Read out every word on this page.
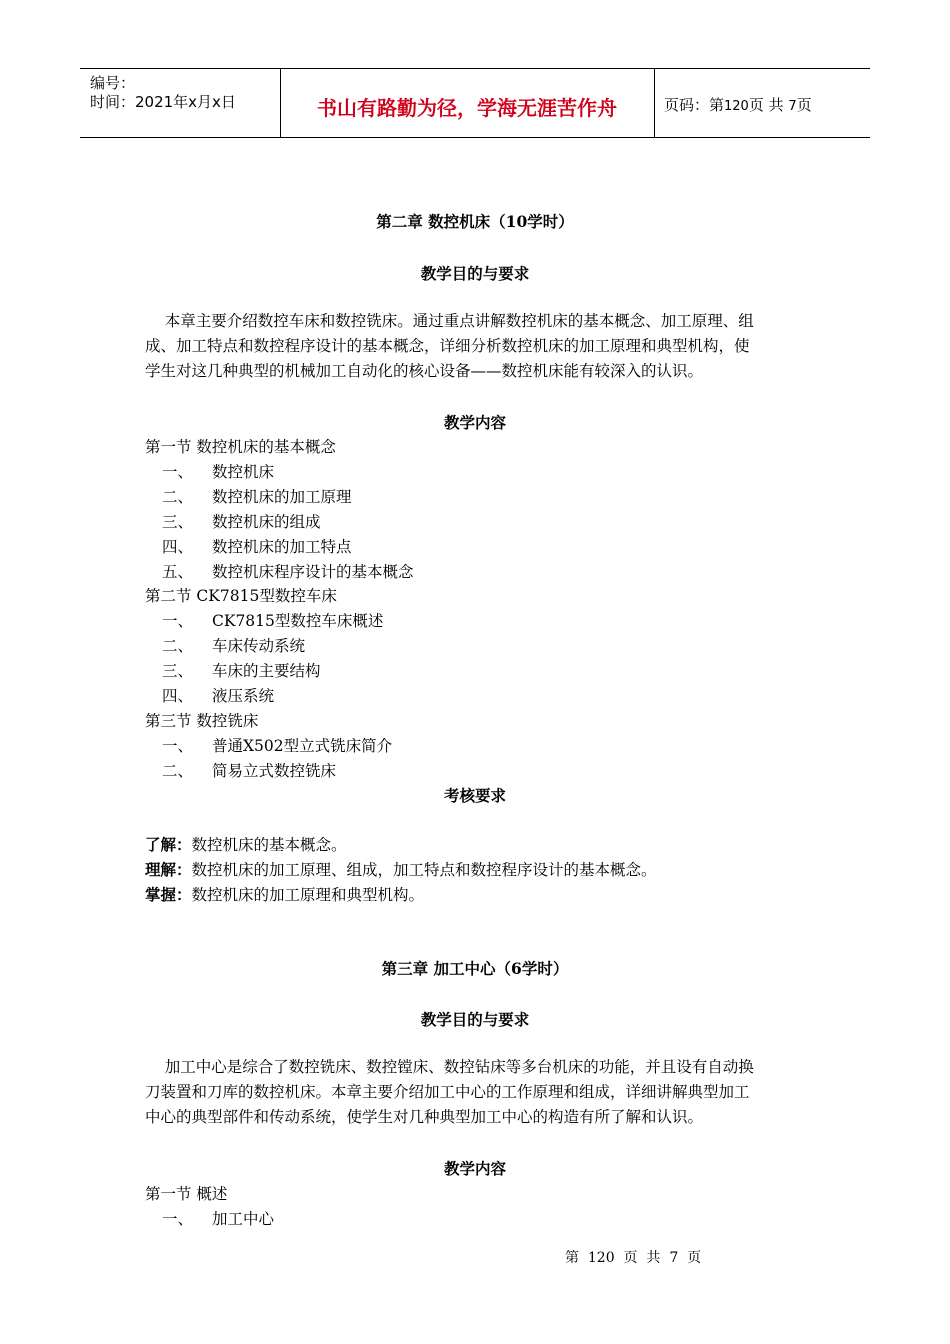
编号：
时间：2021年x月x日	书山有路勤为径，学海无涯苦作舟	页码：第120页 共 7页
第二章 数控机床（10学时）
教学目的与要求
本章主要介绍数控车床和数控铣床。通过重点讲解数控机床的基本概念、加工原理、组
成、加工特点和数控程序设计的基本概念，详细分析数控机床的加工原理和典型机构，使
学生对这几种典型的机械加工自动化的核心设备——数控机床能有较深入的认识。
教学内容
第一节 数控机床的基本概念
一、 数控机床
二、 数控机床的加工原理
三、 数控机床的组成
四、 数控机床的加工特点
五、 数控机床程序设计的基本概念
第二节 CK7815型数控车床
一、 CK7815型数控车床概述
二、 车床传动系统
三、 车床的主要结构
四、 液压系统
第三节 数控铣床
一、 普通X502型立式铣床简介
二、 简易立式数控铣床
考核要求
了解：数控机床的基本概念。
理解：数控机床的加工原理、组成，加工特点和数控程序设计的基本概念。
掌握：数控机床的加工原理和典型机构。
第三章 加工中心（6学时）
教学目的与要求
加工中心是综合了数控铣床、数控镗床、数控钻床等多台机床的功能，并且设有自动换
刀装置和刀库的数控机床。本章主要介绍加工中心的工作原理和组成，详细讲解典型加工
中心的典型部件和传动系统，使学生对几种典型加工中心的构造有所了解和认识。
教学内容
第一节 概述
一、 加工中心
第  120  页  共  7  页
